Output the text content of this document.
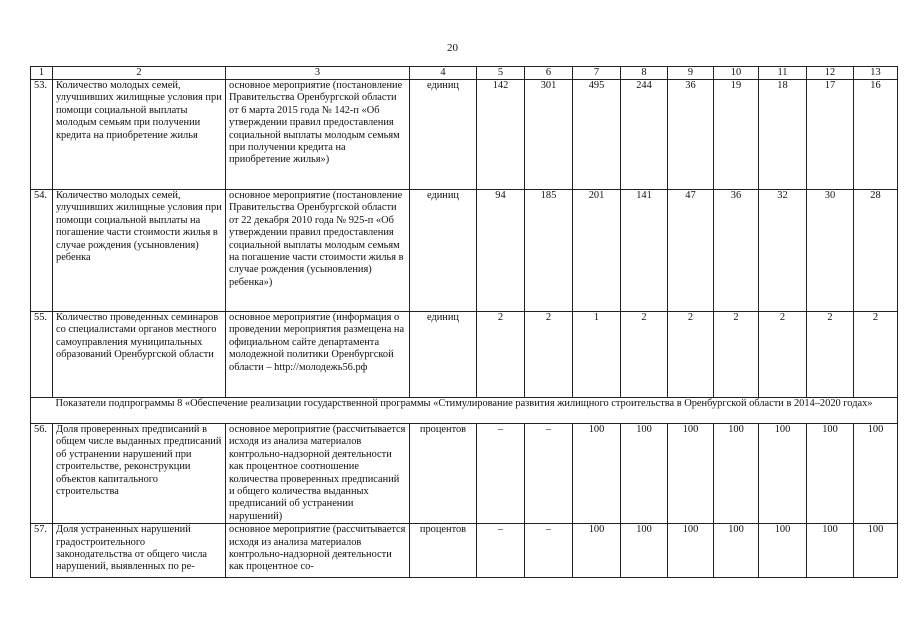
20
1	2	3	4	5	6	7	8	9	10	11	12	13
53.	Количество молодых семей, улучшивших жилищные условия при помощи социальной выплаты молодым семьям при получении кредита на приобретение жилья	основное мероприятие (постановление Правительства Оренбургской области от 6 марта 2015 года № 142-п «Об утверждении правил предоставления социальной выплаты молодым семьям при получении кредита на приобретение жилья»)	единиц	142	301	495	244	36	19	18	17	16
54.	Количество молодых семей, улучшивших жилищные условия при помощи социальной выплаты на погашение части стоимости жилья в случае рождения (усыновления) ребенка	основное мероприятие (постановление Правительства Оренбургской области от 22 декабря 2010 года № 925-п «Об утверждении правил предоставления социальной выплаты молодым семьям на погашение части стоимости жилья в случае рождения (усыновления) ребенка»)	единиц	94	185	201	141	47	36	32	30	28
55.	Количество проведенных семинаров со специалистами органов местного самоуправления муниципальных образований Оренбургской области	основное мероприятие (информация о проведении мероприятия размещена на официальном сайте департамента молодежной политики Оренбургской области – http://молодежь56.рф	единиц	2	2	1	2	2	2	2	2	2
Показатели подпрограммы 8 «Обеспечение реализации государственной программы «Стимулирование развития жилищного строительства в Оренбургской области в 2014–2020 годах»												
56.	Доля проверенных предписаний в общем числе выданных предписаний об устранении нарушений при строительстве, реконструкции объектов капитального строительства	основное мероприятие (рассчитывается исходя из анализа материалов контрольно-надзорной деятельности как процентное соотношение количества проверенных предписаний и общего количества выданных предписаний об устранении нарушений)	процентов	–	–	100	100	100	100	100	100	100
57.	Доля устраненных нарушений градостроительного законодательства от общего числа нарушений, выявленных по ре-	основное мероприятие (рассчитывается исходя из анализа материалов контрольно-надзорной деятельности как процентное со-	процентов	–	–	100	100	100	100	100	100	100
